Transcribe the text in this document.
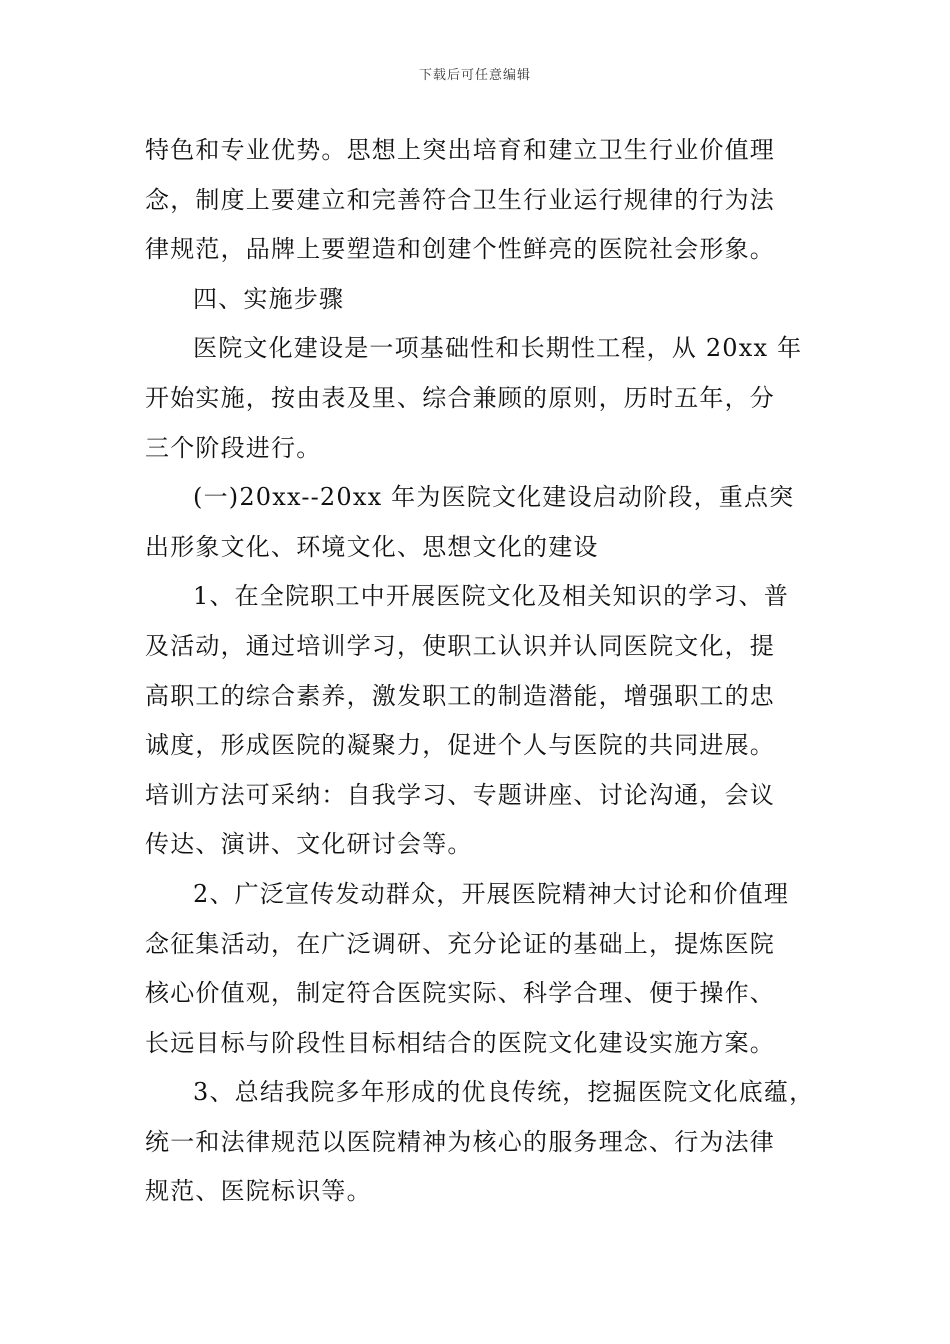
下载后可任意编辑

特色和专业优势。思想上突出培育和建立卫生行业价值理
念，制度上要建立和完善符合卫生行业运行规律的行为法
律规范，品牌上要塑造和创建个性鲜亮的医院社会形象。

四、实施步骤

医院文化建设是一项基础性和长期性工程，从 20xx 年
开始实施，按由表及里、综合兼顾的原则，历时五年，分
三个阶段进行。

(一)20xx--20xx 年为医院文化建设启动阶段，重点突
出形象文化、环境文化、思想文化的建设

1、在全院职工中开展医院文化及相关知识的学习、普
及活动，通过培训学习，使职工认识并认同医院文化，提
高职工的综合素养，激发职工的制造潜能，增强职工的忠
诚度，形成医院的凝聚力，促进个人与医院的共同进展。
培训方法可采纳：自我学习、专题讲座、讨论沟通，会议
传达、演讲、文化研讨会等。

2、广泛宣传发动群众，开展医院精神大讨论和价值理
念征集活动，在广泛调研、充分论证的基础上，提炼医院
核心价值观，制定符合医院实际、科学合理、便于操作、
长远目标与阶段性目标相结合的医院文化建设实施方案。

3、总结我院多年形成的优良传统，挖掘医院文化底蕴，
统一和法律规范以医院精神为核心的服务理念、行为法律
规范、医院标识等。
